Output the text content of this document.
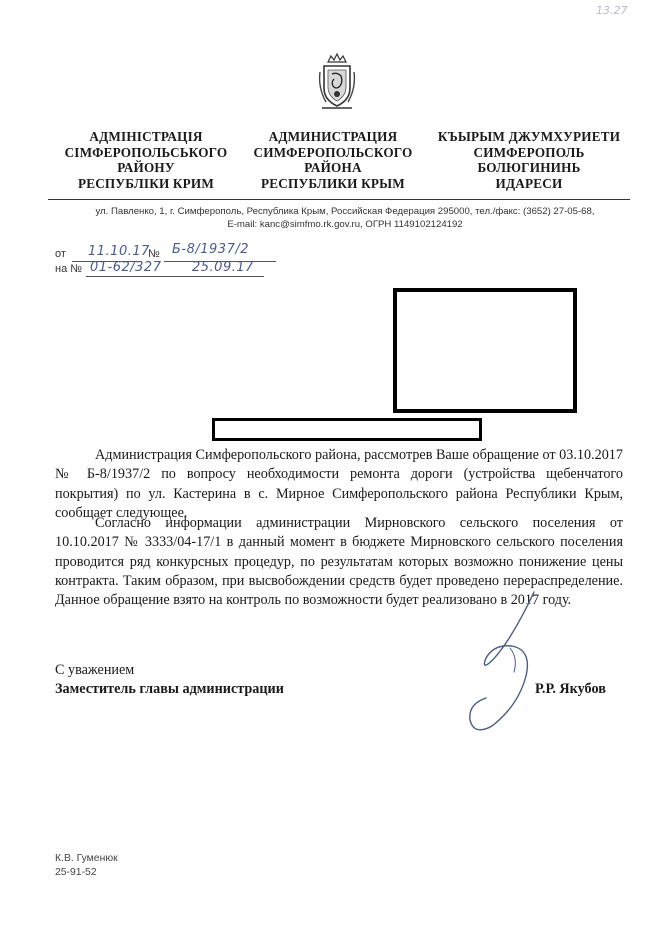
13.27
АДМІНІСТРАЦІЯ
СІМФЕРОПОЛЬСЬКОГО
РАЙОНУ
РЕСПУБЛІКИ КРИМ
АДМИНИСТРАЦИЯ
СИМФЕРОПОЛЬСКОГО
РАЙОНА
РЕСПУБЛИКИ КРЫМ
КЪЫРЫМ ДЖУМХУРИЕТИ
СИМФЕРОПОЛЬ
БОЛЮГИНИНЬ
ИДАРЕСИ
ул. Павленко, 1, г. Симферополь, Республика Крым, Российская Федерация 295000, тел./факс: (3652) 27-05-68,
E-mail: kanc@simfmo.rk.gov.ru, ОГРН 1149102124192
от 11.10.17
№ Б-8/1937/2
на № 01-62/327 25.09.17
Администрация Симферопольского района, рассмотрев Ваше обращение от 03.10.2017 № Б-8/1937/2 по вопросу необходимости ремонта дороги (устройства щебенчатого покрытия) по ул. Кастерина в с. Мирное Симферопольского района Республики Крым, сообщает следующее.
Согласно информации администрации Мирновского сельского поселения от 10.10.2017 № 3333/04-17/1 в данный момент в бюджете Мирновского сельского поселения проводится ряд конкурсных процедур, по результатам которых возможно понижение цены контракта. Таким образом, при высвобождении средств будет проведено перераспределение. Данное обращение взято на контроль по возможности будет реализовано в 2017 году.
С уважением
Заместитель главы администрации	Р.Р. Якубов
К.В. Гуменюк
25-91-52
